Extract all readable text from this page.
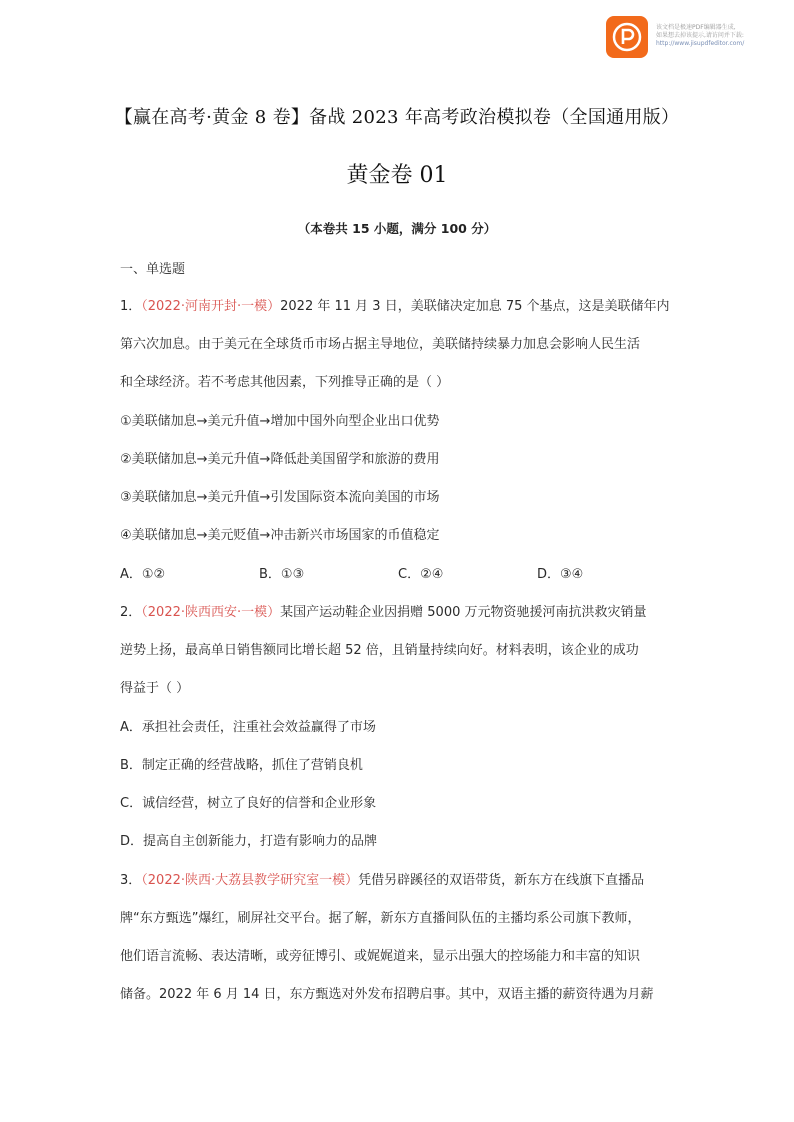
该文档是极速PDF编辑器生成,
如果想去掉该提示,请访问并下载:
http://www.jisupdfeditor.com/
【赢在高考·黄金 8 卷】备战 2023 年高考政治模拟卷（全国通用版）
黄金卷 01
（本卷共 15 小题，满分 100 分）
一、单选题
1．（2022·河南开封·一模）2022 年 11 月 3 日，美联储决定加息 75 个基点，这是美联储年内
第六次加息。由于美元在全球货币市场占据主导地位，美联储持续暴力加息会影响人民生活
和全球经济。若不考虑其他因素，下列推导正确的是（ ）
①美联储加息→美元升值→增加中国外向型企业出口优势
②美联储加息→美元升值→降低赴美国留学和旅游的费用
③美联储加息→美元升值→引发国际资本流向美国的市场
④美联储加息→美元贬值→冲击新兴市场国家的币值稳定
A．①②	B．①③	C．②④	D．③④
2．（2022·陕西西安·一模）某国产运动鞋企业因捐赠 5000 万元物资驰援河南抗洪救灾销量
逆势上扬，最高单日销售额同比增长超 52 倍，且销量持续向好。材料表明，该企业的成功
得益于（ ）
A．承担社会责任，注重社会效益赢得了市场
B．制定正确的经营战略，抓住了营销良机
C．诚信经营，树立了良好的信誉和企业形象
D．提高自主创新能力，打造有影响力的品牌
3．（2022·陕西·大荔县教学研究室一模）凭借另辟蹊径的双语带货，新东方在线旗下直播品
牌“东方甄选”爆红，刷屏社交平台。据了解，新东方直播间队伍的主播均系公司旗下教师，
他们语言流畅、表达清晰，或旁征博引、或娓娓道来，显示出强大的控场能力和丰富的知识
储备。2022 年 6 月 14 日，东方甄选对外发布招聘启事。其中，双语主播的薪资待遇为月薪
